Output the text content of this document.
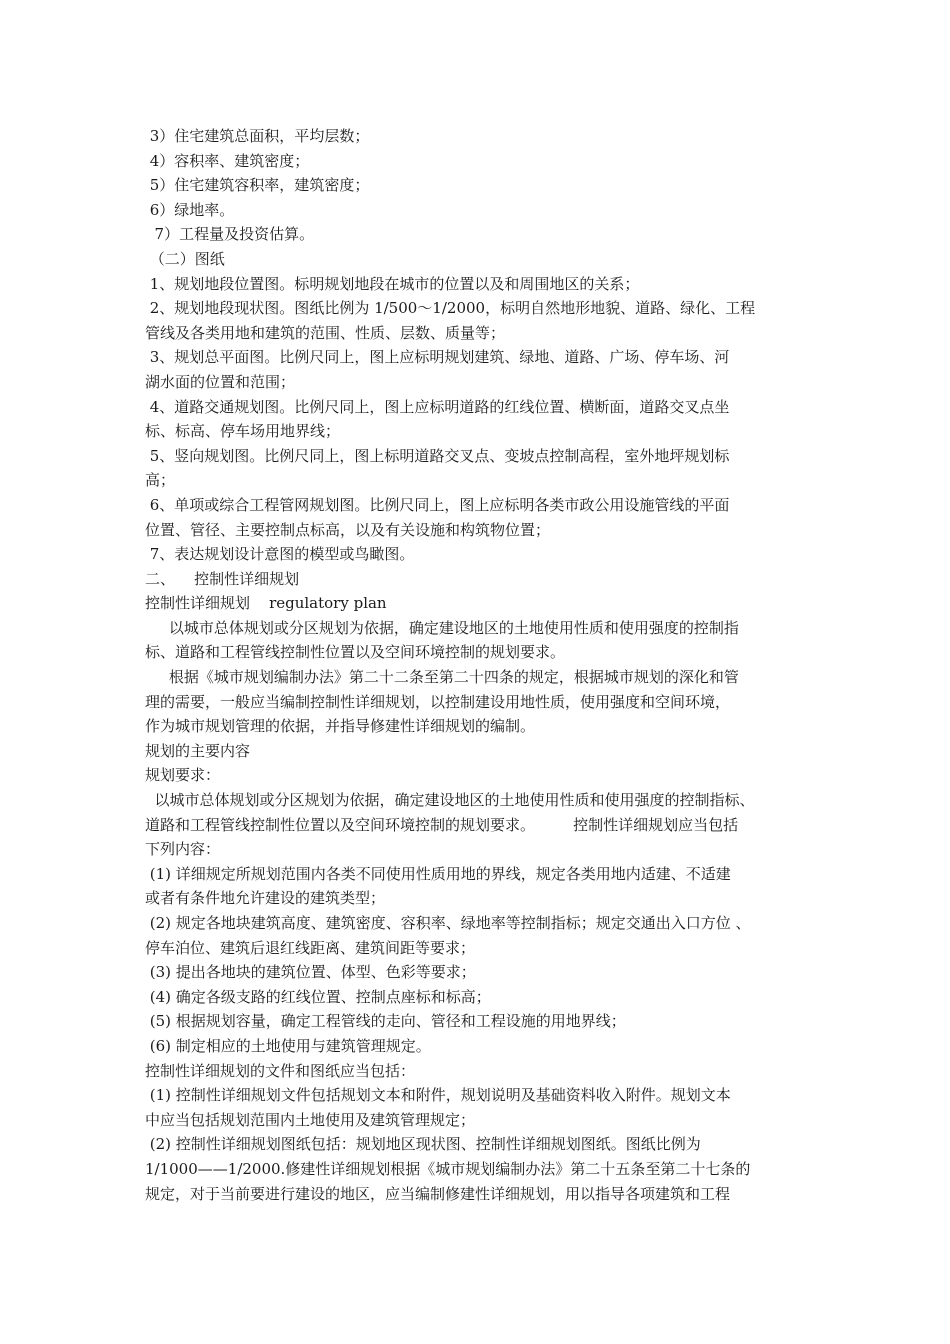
3）住宅建筑总面积，平均层数；
4）容积率、建筑密度；
5）住宅建筑容积率，建筑密度；
6）绿地率。
7）工程量及投资估算。
（二）图纸
1、规划地段位置图。标明规划地段在城市的位置以及和周围地区的关系；
2、规划地段现状图。图纸比例为 1/500～1/2000，标明自然地形地貌、道路、绿化、工程
管线及各类用地和建筑的范围、性质、层数、质量等；
3、规划总平面图。比例尺同上，图上应标明规划建筑、绿地、道路、广场、停车场、河
湖水面的位置和范围；
4、道路交通规划图。比例尺同上，图上应标明道路的红线位置、横断面，道路交叉点坐
标、标高、停车场用地界线；
5、竖向规划图。比例尺同上，图上标明道路交叉点、变坡点控制高程，室外地坪规划标
高；
6、单项或综合工程管网规划图。比例尺同上，图上应标明各类市政公用设施管线的平面
位置、管径、主要控制点标高，以及有关设施和构筑物位置；
7、表达规划设计意图的模型或鸟瞰图。
二、    控制性详细规划
控制性详细规划    regulatory plan
以城市总体规划或分区规划为依据，确定建设地区的土地使用性质和使用强度的控制指
标、道路和工程管线控制性位置以及空间环境控制的规划要求。
根据《城市规划编制办法》第二十二条至第二十四条的规定，根据城市规划的深化和管
理的需要，一般应当编制控制性详细规划，以控制建设用地性质，使用强度和空间环境，
作为城市规划管理的依据，并指导修建性详细规划的编制。
规划的主要内容
规划要求：
以城市总体规划或分区规划为依据，确定建设地区的土地使用性质和使用强度的控制指标、
道路和工程管线控制性位置以及空间环境控制的规划要求。        控制性详细规划应当包括
下列内容：
(1) 详细规定所规划范围内各类不同使用性质用地的界线，规定各类用地内适建、不适建
或者有条件地允许建设的建筑类型；
(2) 规定各地块建筑高度、建筑密度、容积率、绿地率等控制指标；规定交通出入口方位 、
停车泊位、建筑后退红线距离、建筑间距等要求；
(3) 提出各地块的建筑位置、体型、色彩等要求；
(4) 确定各级支路的红线位置、控制点座标和标高；
(5) 根据规划容量，确定工程管线的走向、管径和工程设施的用地界线；
(6) 制定相应的土地使用与建筑管理规定。
控制性详细规划的文件和图纸应当包括：
(1) 控制性详细规划文件包括规划文本和附件，规划说明及基础资料收入附件。规划文本
中应当包括规划范围内土地使用及建筑管理规定；
(2) 控制性详细规划图纸包括：规划地区现状图、控制性详细规划图纸。图纸比例为
1/1000——1/2000.修建性详细规划根据《城市规划编制办法》第二十五条至第二十七条的
规定，对于当前要进行建设的地区，应当编制修建性详细规划，用以指导各项建筑和工程
